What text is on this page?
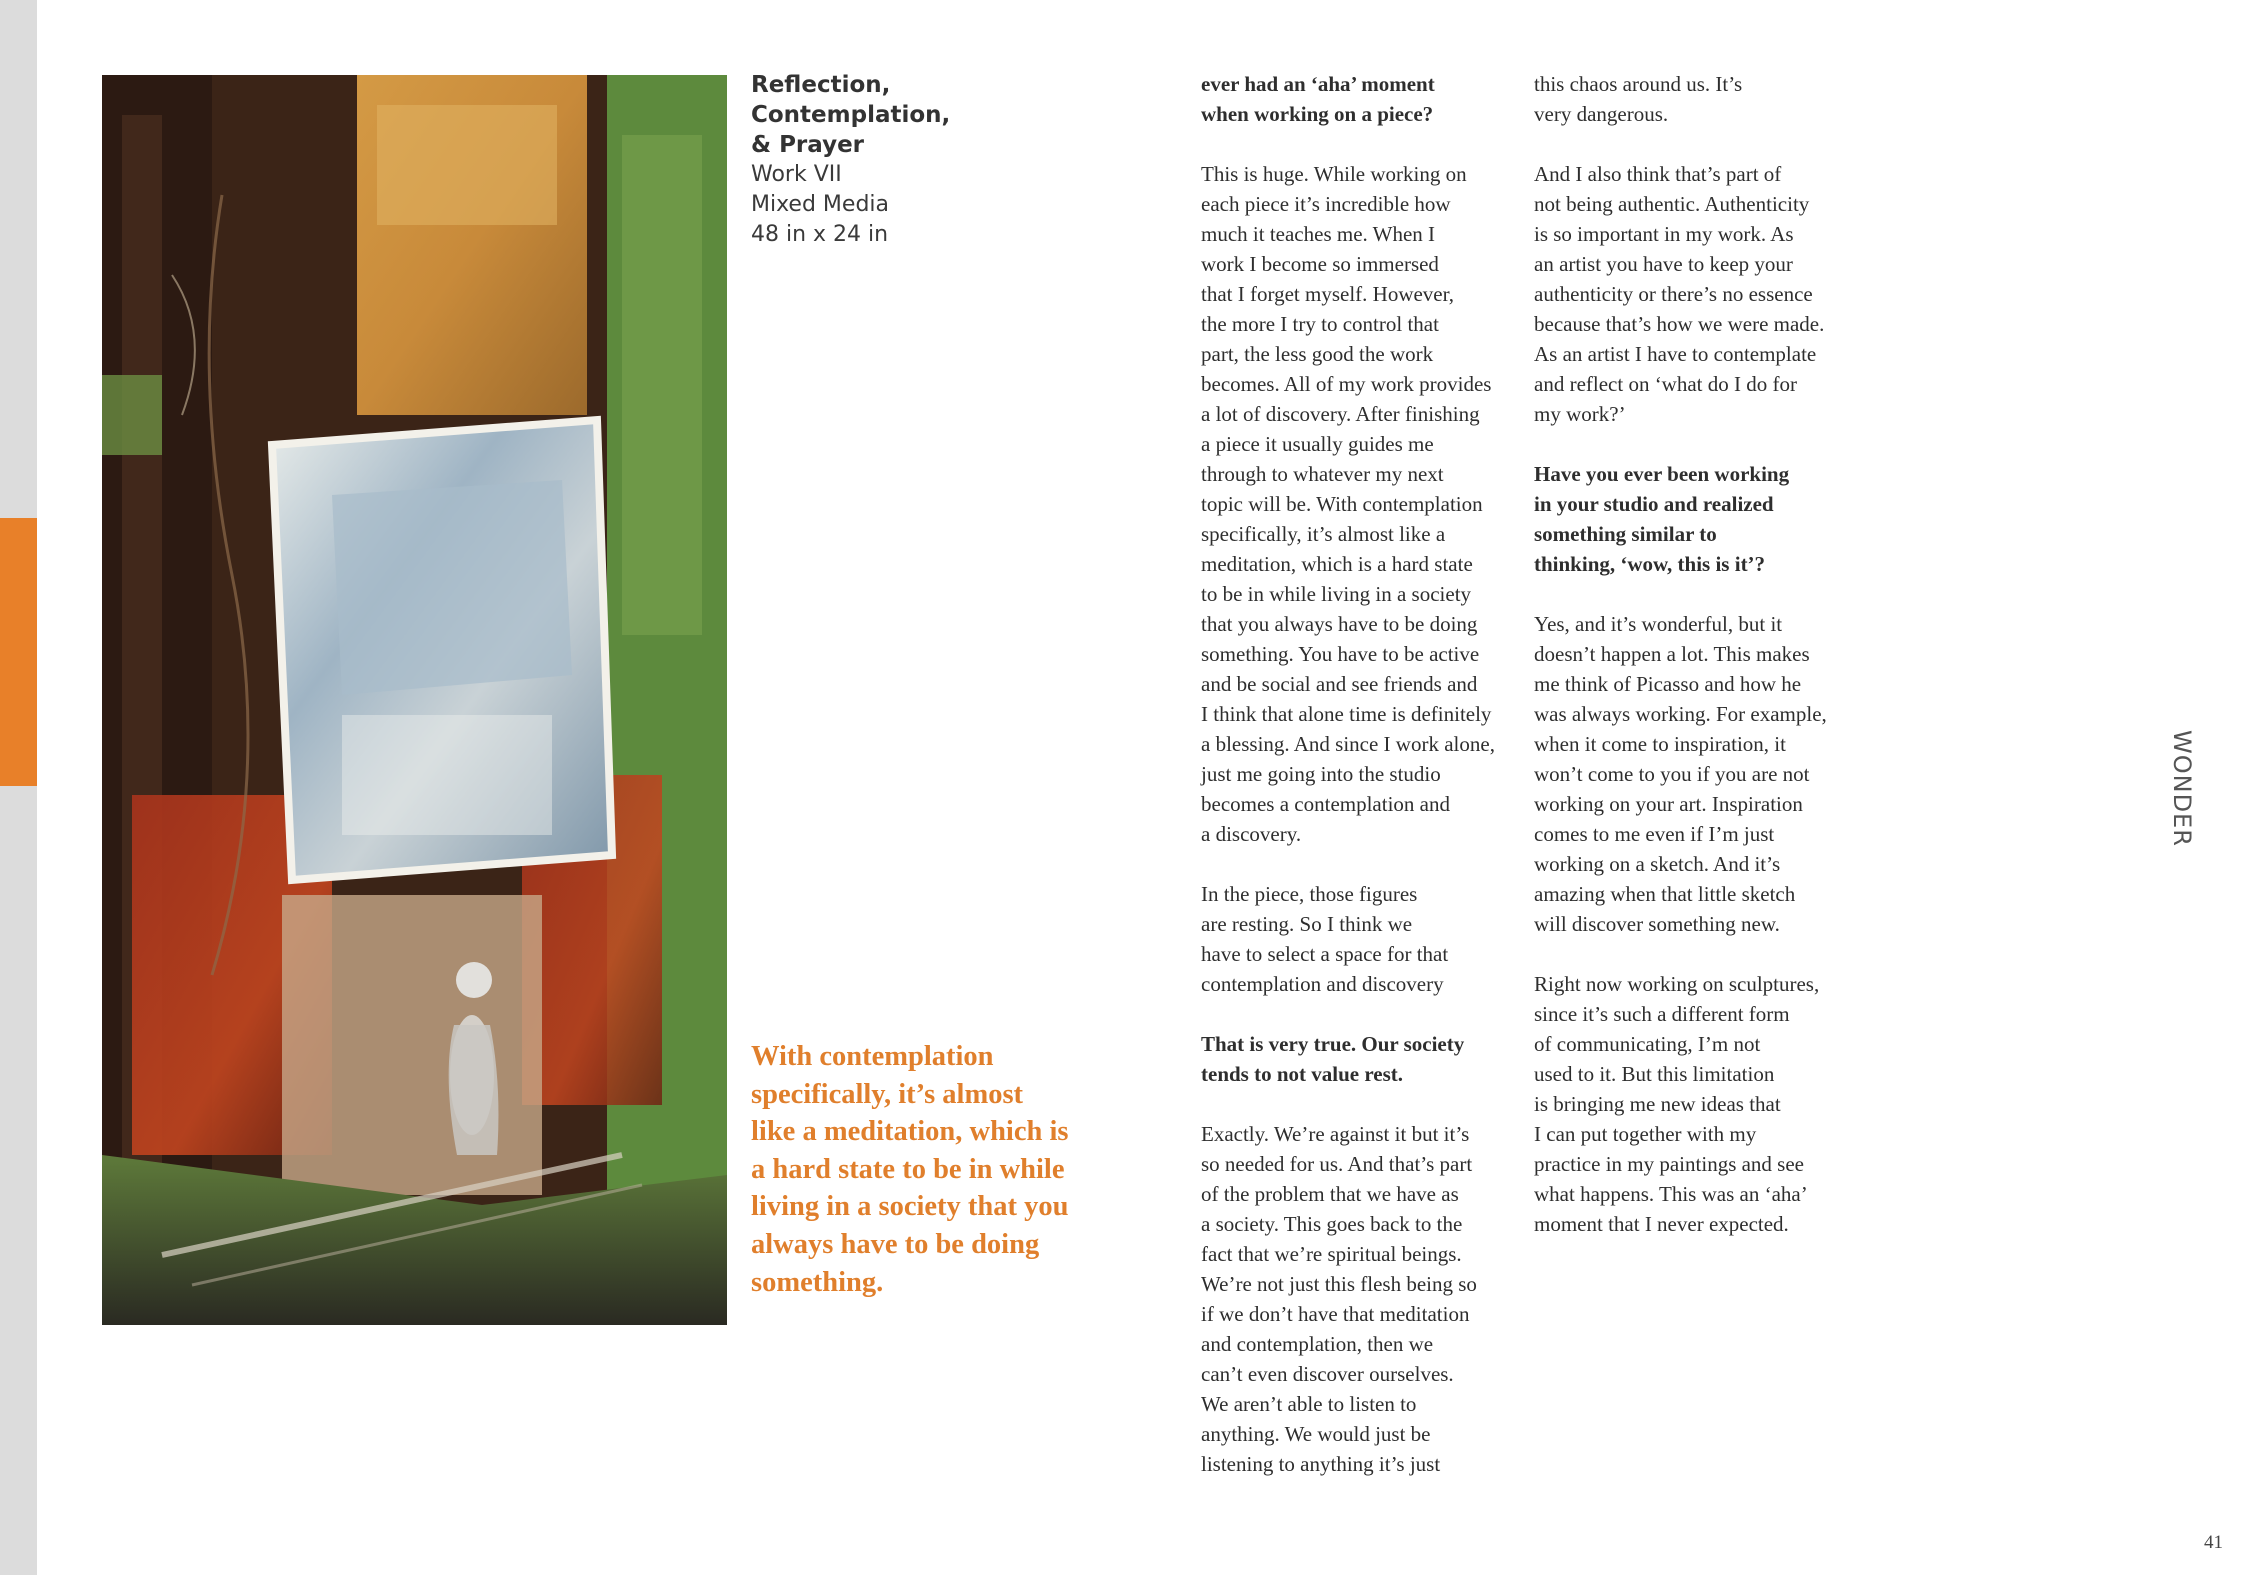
Reflection,

Contemplation,

& Prayer

Work VII

Mixed Media

48 in x 24 in

With contemplation specifically, it’s almost like a meditation, which is a hard state to be in while living in a society that you always have to be doing something.

ever had an ‘aha’ moment
when working on a piece?

This is huge. While working on
each piece it’s incredible how
much it teaches me. When I
work I become so immersed
that I forget myself. However,
the more I try to control that
part, the less good the work
becomes. All of my work provides
a lot of discovery. After finishing
a piece it usually guides me
through to whatever my next
topic will be. With contemplation
specifically, it’s almost like a
meditation, which is a hard state
to be in while living in a society
that you always have to be doing
something. You have to be active
and be social and see friends and
I think that alone time is definitely
a blessing. And since I work alone,
just me going into the studio
becomes a contemplation and
a discovery.

In the piece, those figures
are resting. So I think we
have to select a space for that
contemplation and discovery

That is very true. Our society
tends to not value rest.

Exactly. We’re against it but it’s
so needed for us. And that’s part
of the problem that we have as
a society. This goes back to the
fact that we’re spiritual beings.
We’re not just this flesh being so
if we don’t have that meditation
and contemplation, then we
can’t even discover ourselves.
We aren’t able to listen to
anything. We would just be
listening to anything it’s just

this chaos around us. It’s
very dangerous.

And I also think that’s part of
not being authentic. Authenticity
is so important in my work. As
an artist you have to keep your
authenticity or there’s no essence
because that’s how we were made.
As an artist I have to contemplate
and reflect on ‘what do I do for
my work?’

Have you ever been working
in your studio and realized
something similar to
thinking, ‘wow, this is it’?

Yes, and it’s wonderful, but it
doesn’t happen a lot. This makes
me think of Picasso and how he
was always working. For example,
when it come to inspiration, it
won’t come to you if you are not
working on your art. Inspiration
comes to me even if I’m just
working on a sketch. And it’s
amazing when that little sketch
will discover something new.

Right now working on sculptures,
since it’s such a different form
of communicating, I’m not
used to it. But this limitation
is bringing me new ideas that
I can put together with my
practice in my paintings and see
what happens. This was an ‘aha’
moment that I never expected.

WONDER
41
